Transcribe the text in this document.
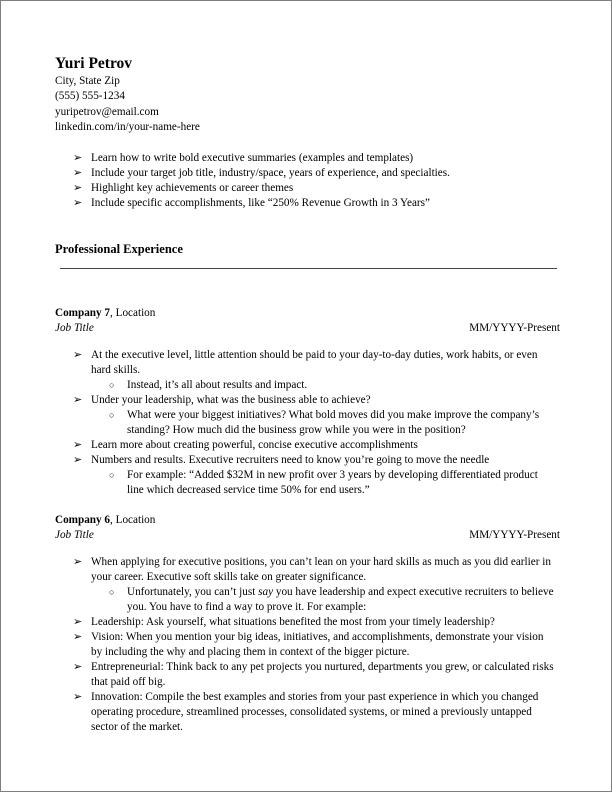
Yuri Petrov
City, State Zip
(555) 555-1234
yuripetrov@email.com
linkedin.com/in/your-name-here
➢ Learn how to write bold executive summaries (examples and templates)
➢ Include your target job title, industry/space, years of experience, and specialties.
➢ Highlight key achievements or career themes
➢ Include specific accomplishments, like “250% Revenue Growth in 3 Years”
Professional Experience
Company 7, Location
Job Title	MM/YYYY-Present
➢ At the executive level, little attention should be paid to your day-to-day duties, work habits, or even hard skills.
○ Instead, it’s all about results and impact.
➢ Under your leadership, what was the business able to achieve?
○ What were your biggest initiatives? What bold moves did you make improve the company’s standing? How much did the business grow while you were in the position?
➢ Learn more about creating powerful, concise executive accomplishments
➢ Numbers and results. Executive recruiters need to know you’re going to move the needle
○ For example: “Added $32M in new profit over 3 years by developing differentiated product line which decreased service time 50% for end users.”
Company 6, Location
Job Title	MM/YYYY-Present
➢ When applying for executive positions, you can’t lean on your hard skills as much as you did earlier in your career. Executive soft skills take on greater significance.
○ Unfortunately, you can’t just say you have leadership and expect executive recruiters to believe you. You have to find a way to prove it. For example:
➢ Leadership: Ask yourself, what situations benefited the most from your timely leadership?
➢ Vision: When you mention your big ideas, initiatives, and accomplishments, demonstrate your vision by including the why and placing them in context of the bigger picture.
➢ Entrepreneurial: Think back to any pet projects you nurtured, departments you grew, or calculated risks that paid off big.
➢ Innovation: Compile the best examples and stories from your past experience in which you changed operating procedure, streamlined processes, consolidated systems, or mined a previously untapped sector of the market.
